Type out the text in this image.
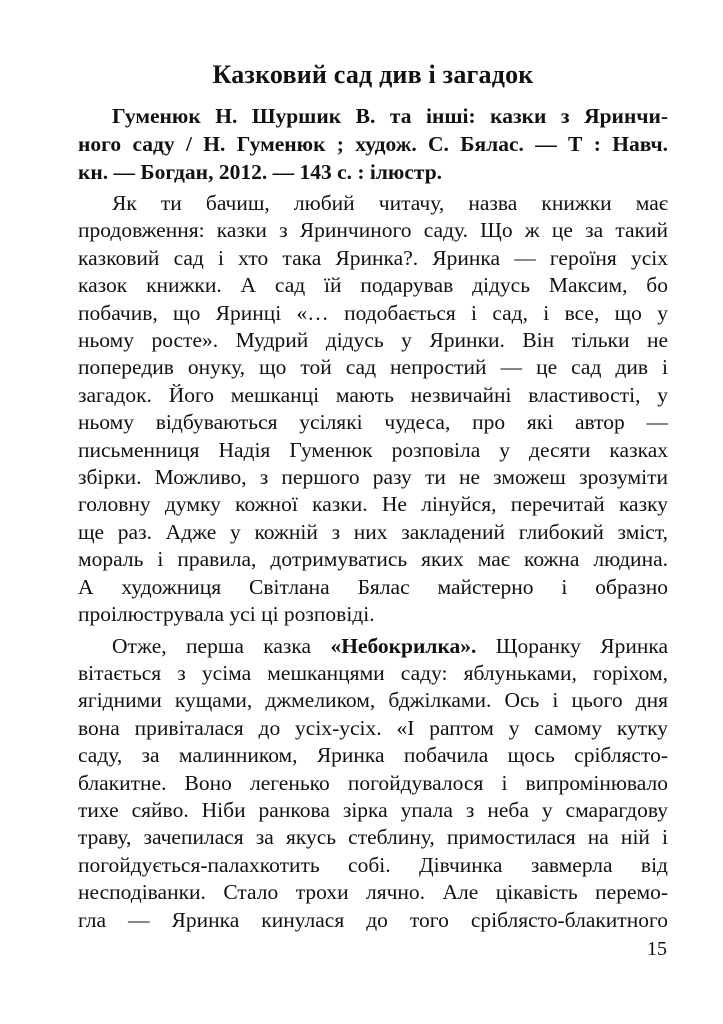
Казковий сад див і загадок
Гуменюк Н. Шуршик В. та інші: казки з Яринчи-
ного саду / Н. Гуменюк ; худож. С. Бялас. — Т : Навч.
кн. — Богдан, 2012. — 143 с. : ілюстр.
Як ти бачиш, любий читачу, назва книжки має
продовження: казки з Яринчиного саду. Що ж це за такий
казковий сад і хто така Яринка?. Яринка — героїня усіх
казок книжки. А сад їй подарував дідусь Максим, бо
побачив, що Яринці «… подобається і сад, і все, що у
ньому росте». Мудрий дідусь у Яринки. Він тільки не
попередив онуку, що той сад непростий — це сад див і
загадок. Його мешканці мають незвичайні властивості, у
ньому відбуваються усілякі чудеса, про які автор —
письменниця Надія Гуменюк розповіла у десяти казках
збірки. Можливо, з першого разу ти не зможеш зрозуміти
головну думку кожної казки. Не лінуйся, перечитай казку
ще раз. Адже у кожній з них закладений глибокий зміст,
мораль і правила, дотримуватись яких має кожна людина.
А художниця Світлана Бялас майстерно і образно
проілюструвала усі ці розповіді.
Отже, перша казка «Небокрилка». Щоранку Яринка
вітається з усіма мешканцями саду: яблуньками, горіхом,
ягідними кущами, джмеликом, бджілками. Ось і цього дня
вона привіталася до усіх-усіх. «І раптом у самому кутку
саду, за малинником, Яринка побачила щось сріблясто-
блакитне. Воно легенько погойдувалося і випромінювало
тихе сяйво. Ніби ранкова зірка упала з неба у смарагдову
траву, зачепилася за якусь стеблину, примостилася на ній і
погойдується-палахкотить собі. Дівчинка завмерла від
несподіванки. Стало трохи лячно. Але цікавість перемо-
гла — Яринка кинулася до того сріблясто-блакитного
15
